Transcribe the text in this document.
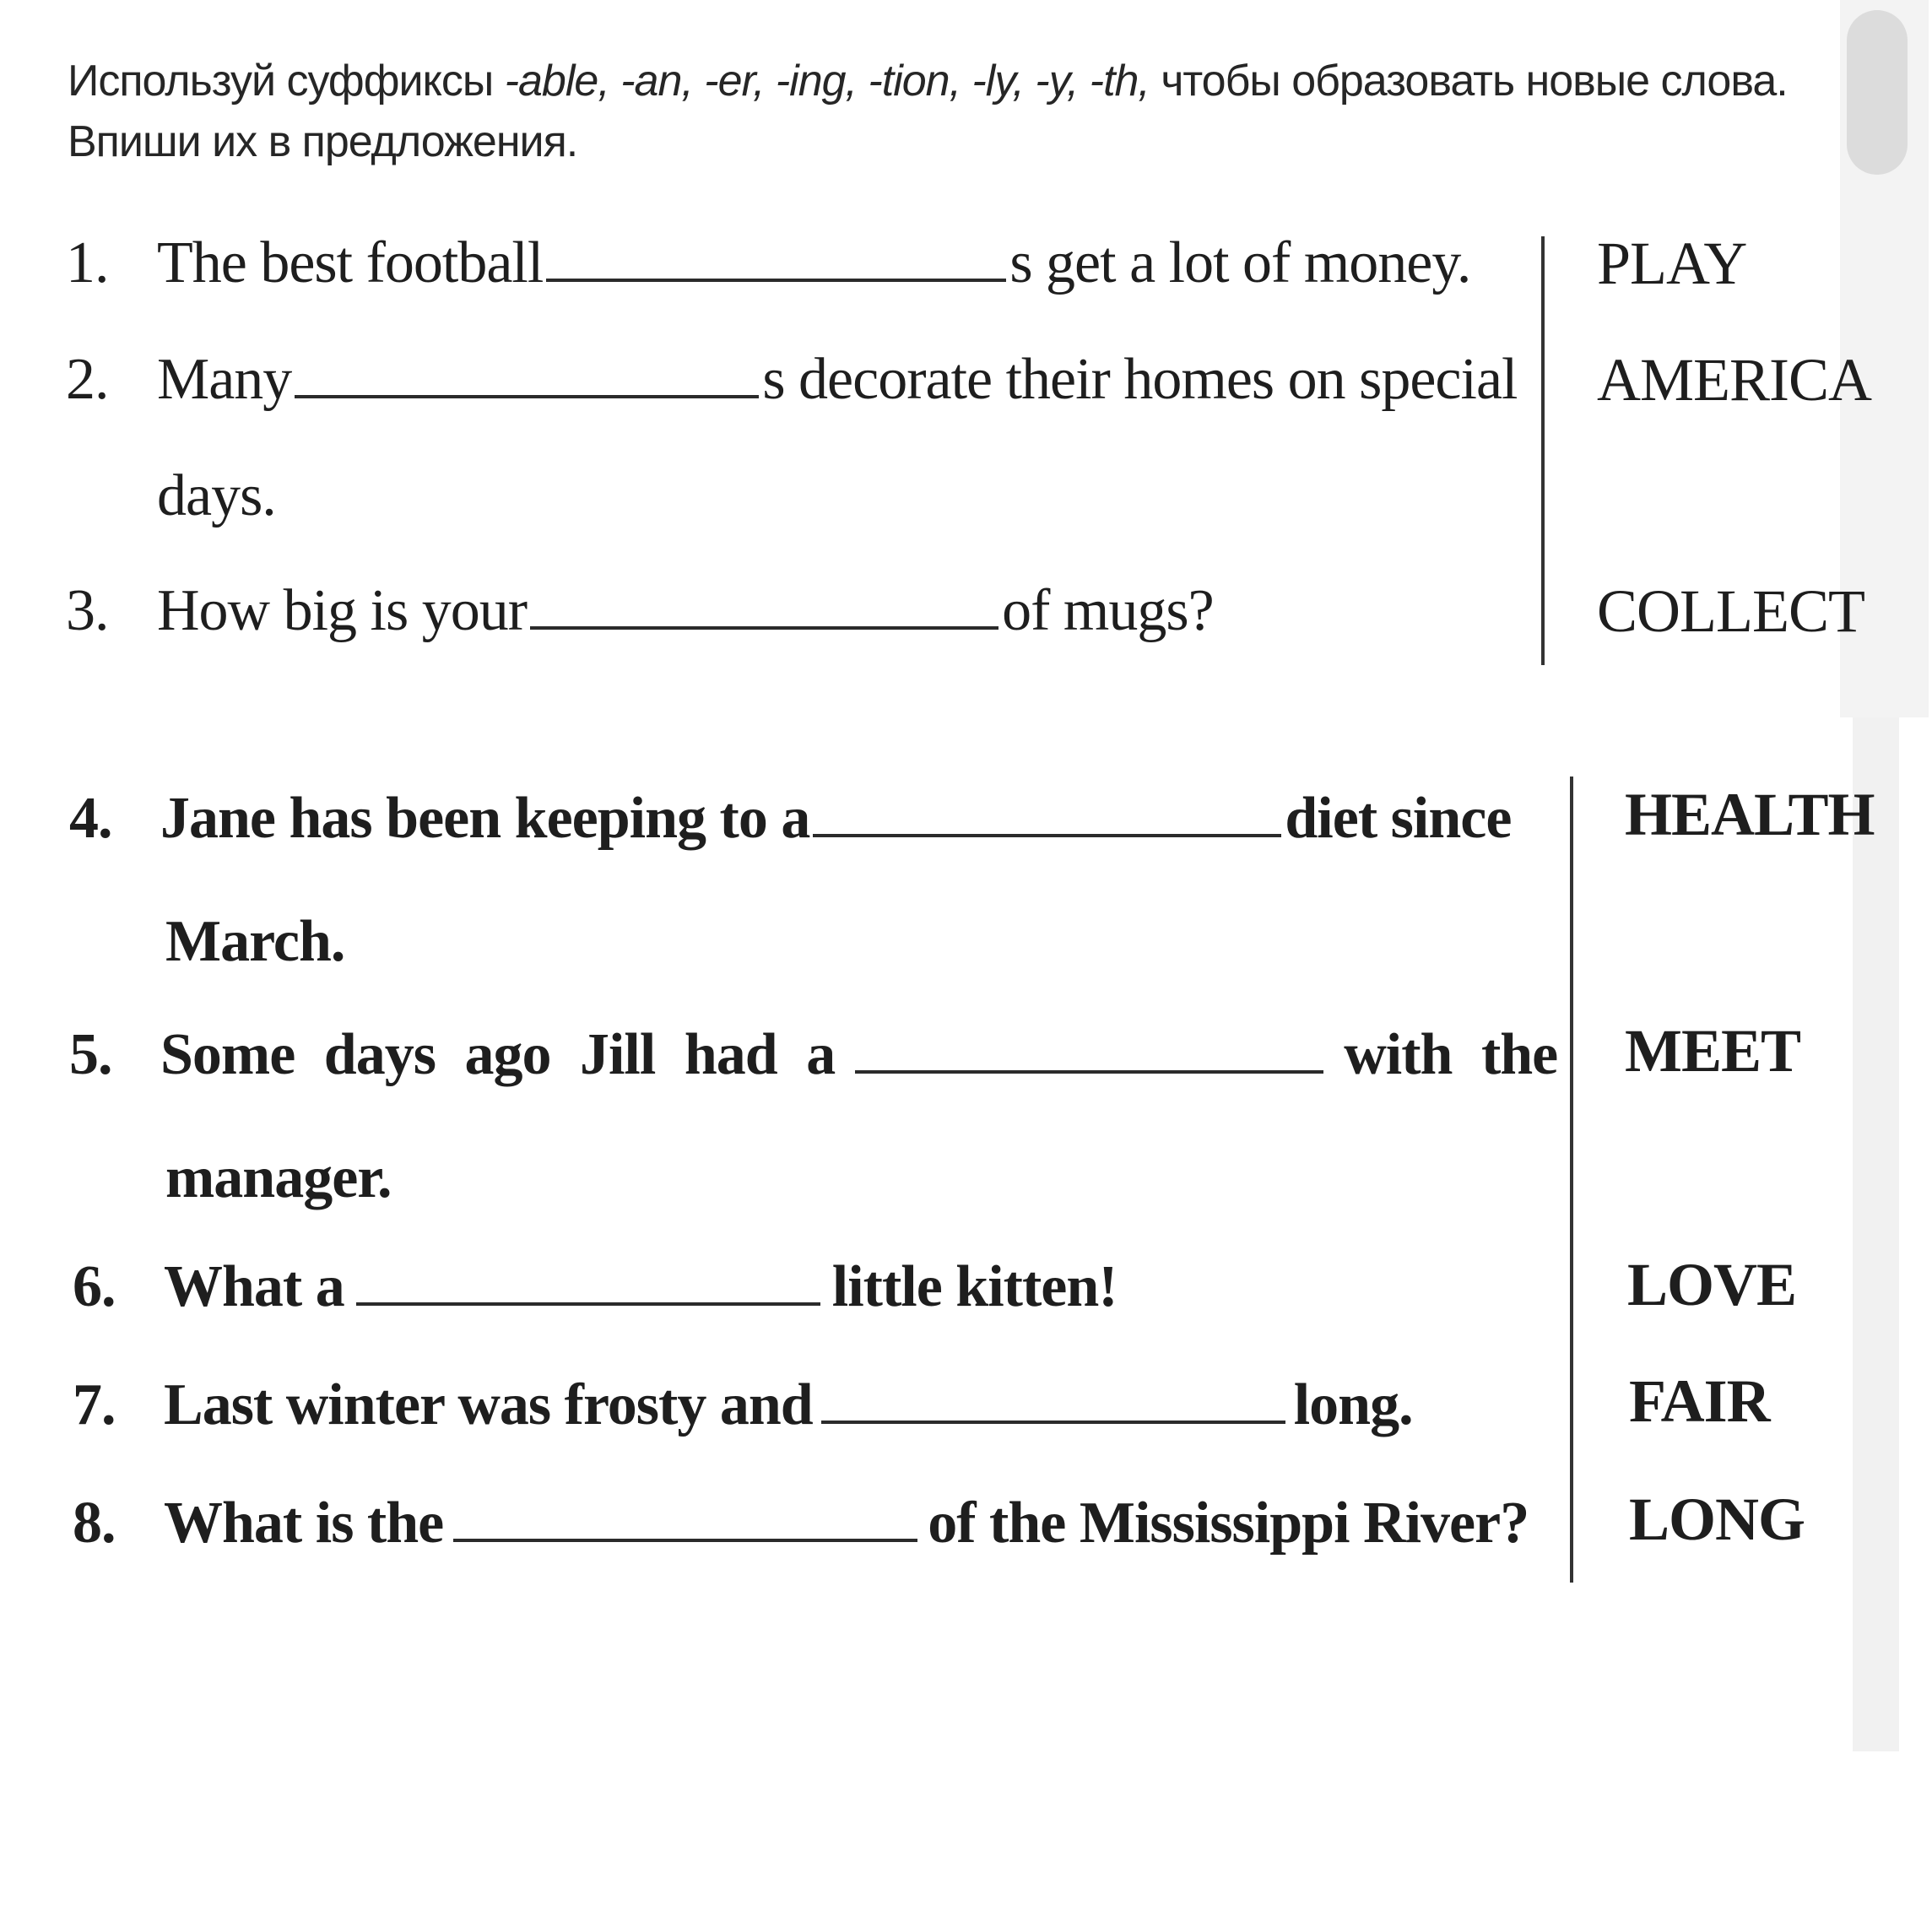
Используй суффиксы -able, -an, -er, -ing, -tion, -ly, -y, -th, чтобы образовать новые слова.
Впиши их в предложения.
1. The best football	s get a lot of money. PLAY
2. Many	s decorate their homes on special
days.
AMERICA
3. How big is your	of mugs?	COLLECT
4. Jane has been keeping to a	diet since
March.
HEALTH
5. Some days ago Jill had a	with the
manager.
MEET
6. What a	little kitten!	LOVE
7. Last winter was frosty and	long.	FAIR
8. What is the	of the Mississippi River? LONG
